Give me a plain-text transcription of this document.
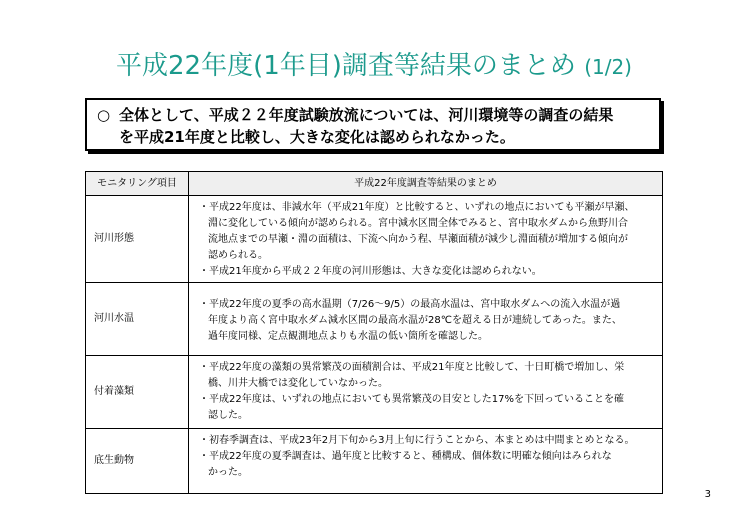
平成22年度(1年目)調査等結果のまとめ (1/2)
○ 全体として、平成２２年度試験放流については、河川環境等の調査の結果
を平成21年度と比較し、大きな変化は認められなかった。
モニタリング項目	平成22年度調査等結果のまとめ
河川形態	・平成22年度は、非減水年（平成21年度）と比較すると、いずれの地点においても平瀬が早瀬、
淵に変化している傾向が認められる。宮中減水区間全体でみると、宮中取水ダムから魚野川合
流地点までの早瀬・淵の面積は、下流へ向かう程、早瀬面積が減少し淵面積が増加する傾向が
認められる。
・平成21年度から平成２２年度の河川形態は、大きな変化は認められない。

河川水温	・平成22年度の夏季の高水温期（7/26～9/5）の最高水温は、宮中取水ダムへの流入水温が過
年度より高く宮中取水ダム減水区間の最高水温が28℃を超える日が連続してあった。また、
過年度同様、定点観測地点よりも水温の低い箇所を確認した。

付着藻類	・平成22年度の藻類の異常繁茂の面積割合は、平成21年度と比較して、十日町橋で増加し、栄
橋、川井大橋では変化していなかった。
・平成22年度は、いずれの地点においても異常繁茂の目安とした17%を下回っていることを確
認した。

底生動物	・初春季調査は、平成23年2月下旬から3月上旬に行うことから、本まとめは中間まとめとなる。
・平成22年度の夏季調査は、過年度と比較すると、種構成、個体数に明確な傾向はみられな
かった。
3
